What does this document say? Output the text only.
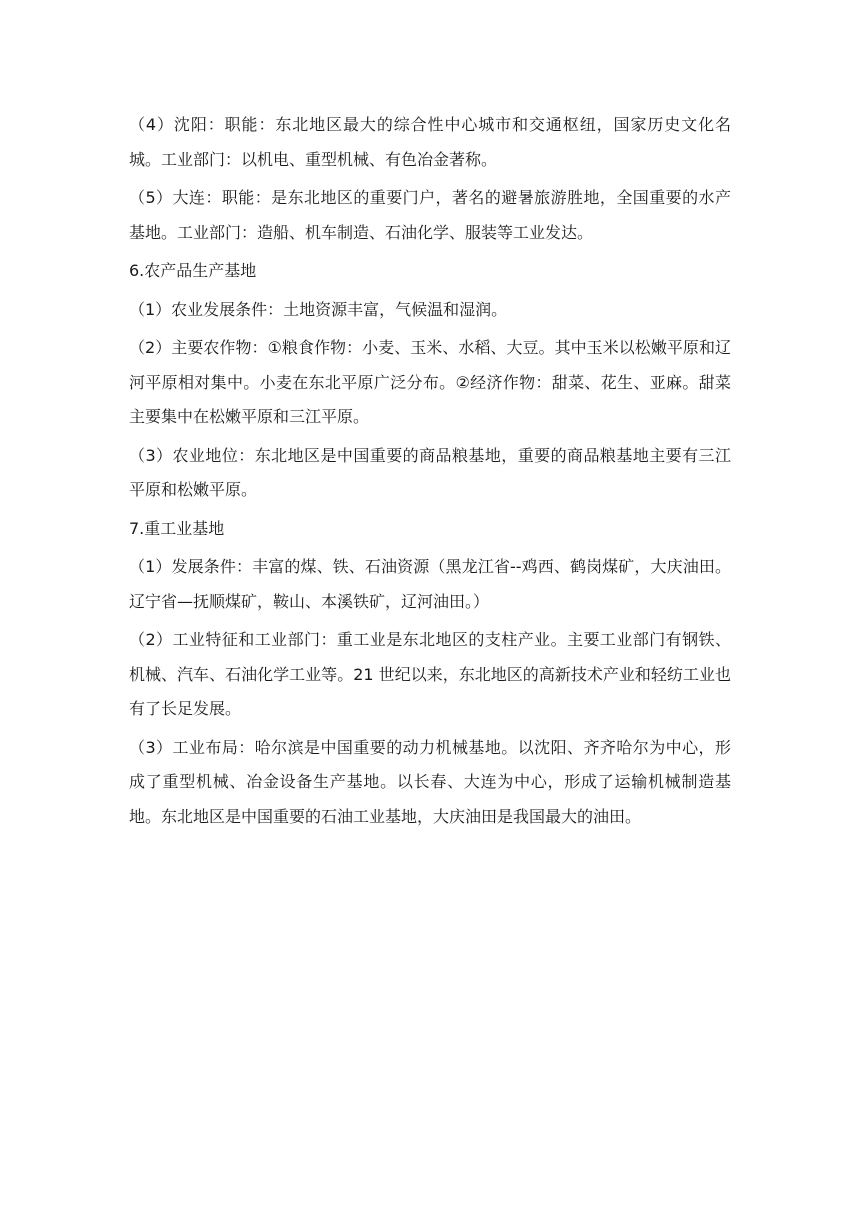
（4）沈阳：职能：东北地区最大的综合性中心城市和交通枢纽，国家历史文化名城。工业部门：以机电、重型机械、有色冶金著称。

（5）大连：职能：是东北地区的重要门户，著名的避暑旅游胜地，全国重要的水产基地。工业部门：造船、机车制造、石油化学、服装等工业发达。

6.农产品生产基地

（1）农业发展条件：土地资源丰富，气候温和湿润。

（2）主要农作物：①粮食作物：小麦、玉米、水稻、大豆。其中玉米以松嫩平原和辽河平原相对集中。小麦在东北平原广泛分布。②经济作物：甜菜、花生、亚麻。甜菜主要集中在松嫩平原和三江平原。

（3）农业地位：东北地区是中国重要的商品粮基地，重要的商品粮基地主要有三江平原和松嫩平原。

7.重工业基地

（1）发展条件：丰富的煤、铁、石油资源（黑龙江省--鸡西、鹤岗煤矿，大庆油田。辽宁省—抚顺煤矿，鞍山、本溪铁矿，辽河油田。）

（2）工业特征和工业部门：重工业是东北地区的支柱产业。主要工业部门有钢铁、机械、汽车、石油化学工业等。21 世纪以来，东北地区的高新技术产业和轻纺工业也有了长足发展。

（3）工业布局：哈尔滨是中国重要的动力机械基地。以沈阳、齐齐哈尔为中心，形成了重型机械、冶金设备生产基地。以长春、大连为中心，形成了运输机械制造基地。东北地区是中国重要的石油工业基地，大庆油田是我国最大的油田。
